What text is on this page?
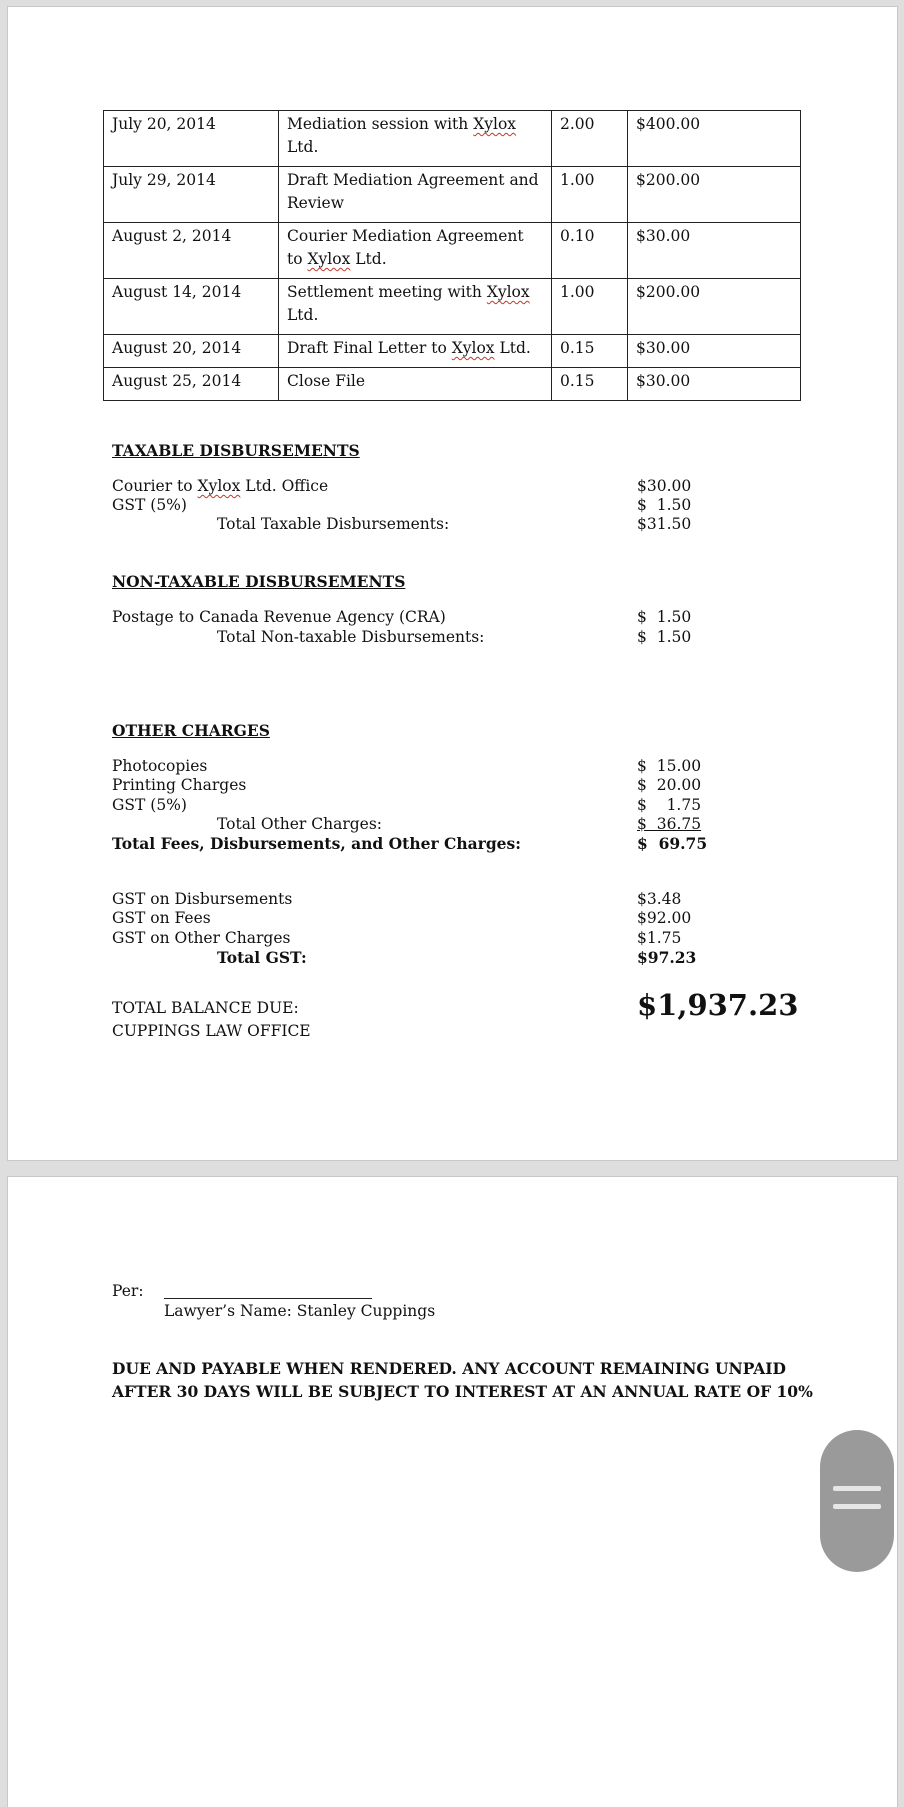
July 20, 2014	Mediation session with Xylox Ltd.	2.00	$400.00
July 29, 2014	Draft Mediation Agreement and Review	1.00	$200.00
August 2, 2014	Courier Mediation Agreement to Xylox Ltd.	0.10	$30.00
August 14, 2014	Settlement meeting with Xylox Ltd.	1.00	$200.00
August 20, 2014	Draft Final Letter to Xylox Ltd.	0.15	$30.00
August 25, 2014	Close File	0.15	$30.00
TAXABLE DISBURSEMENTS
Courier to Xylox Ltd. Office	$30.00
GST (5%)	$  1.50
Total Taxable Disbursements:	$31.50
NON-TAXABLE DISBURSEMENTS
Postage to Canada Revenue Agency (CRA)	$  1.50
Total Non-taxable Disbursements:	$  1.50
OTHER CHARGES
Photocopies	$  15.00
Printing Charges	$  20.00
GST (5%)	$    1.75
Total Other Charges:	$  36.75
Total Fees, Disbursements, and Other Charges:	$  69.75
GST on Disbursements	$3.48
GST on Fees	$92.00
GST on Other Charges	$1.75
Total GST:	$97.23
TOTAL BALANCE DUE:	$1,937.23
CUPPINGS LAW OFFICE
Per:
Lawyer’s Name: Stanley Cuppings
DUE AND PAYABLE WHEN RENDERED. ANY ACCOUNT REMAINING UNPAID
AFTER 30 DAYS WILL BE SUBJECT TO INTEREST AT AN ANNUAL RATE OF 10%
